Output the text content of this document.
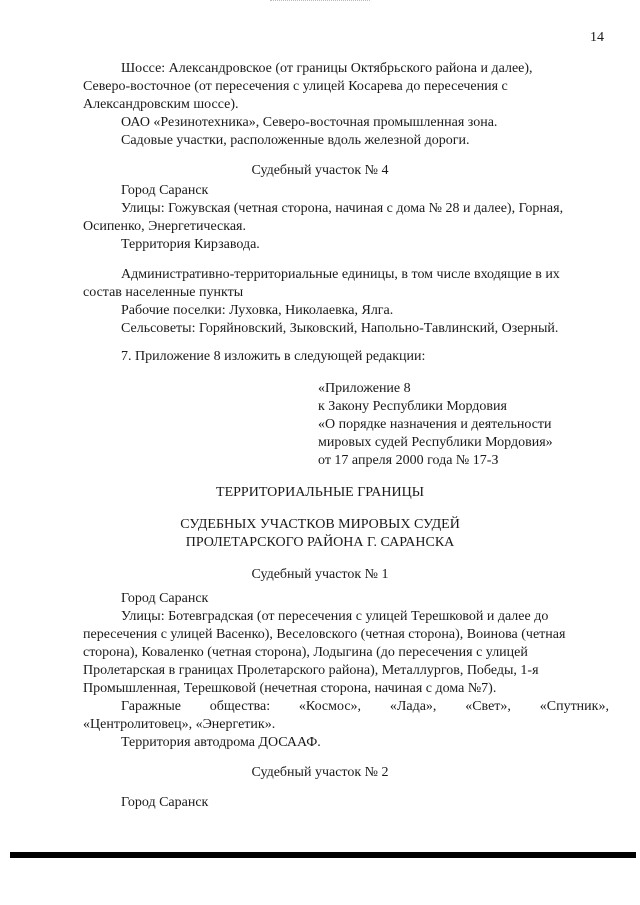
14
Шоссе: Александровское (от границы Октябрьского района и далее),
Северо-восточное (от пересечения с улицей Косарева до пересечения с
Александровским шоссе).
ОАО «Резинотехника», Северо-восточная промышленная зона.
Садовые участки, расположенные вдоль железной дороги.
Судебный участок № 4
Город Саранск
Улицы: Гожувская (четная сторона, начиная с дома № 28 и далее), Горная,
Осипенко, Энергетическая.
Территория Кирзавода.
Административно-территориальные единицы, в том числе входящие в их
состав населенные пункты
Рабочие поселки: Луховка, Николаевка, Ялга.
Сельсоветы: Горяйновский, Зыковский, Напольно-Тавлинский, Озерный.
7. Приложение 8 изложить в следующей редакции:
«Приложение 8
к Закону Республики Мордовия
«О порядке назначения и деятельности
мировых судей Республики Мордовия»
от 17 апреля 2000 года № 17-З
ТЕРРИТОРИАЛЬНЫЕ ГРАНИЦЫ
СУДЕБНЫХ УЧАСТКОВ МИРОВЫХ СУДЕЙ
ПРОЛЕТАРСКОГО РАЙОНА Г. САРАНСКА
Судебный участок № 1
Город Саранск
Улицы: Ботевградская (от пересечения с улицей Терешковой и далее до
пересечения с улицей Васенко), Веселовского (четная сторона), Воинова (четная
сторона), Коваленко (четная сторона), Лодыгина (до пересечения с улицей
Пролетарская в границах Пролетарского района), Металлургов, Победы, 1-я
Промышленная, Терешковой (нечетная сторона, начиная с дома №7).
Гаражные общества: «Космос», «Лада», «Свет», «Спутник»,
«Центролитовец», «Энергетик».
Территория автодрома ДОСААФ.
Судебный участок № 2
Город Саранск
